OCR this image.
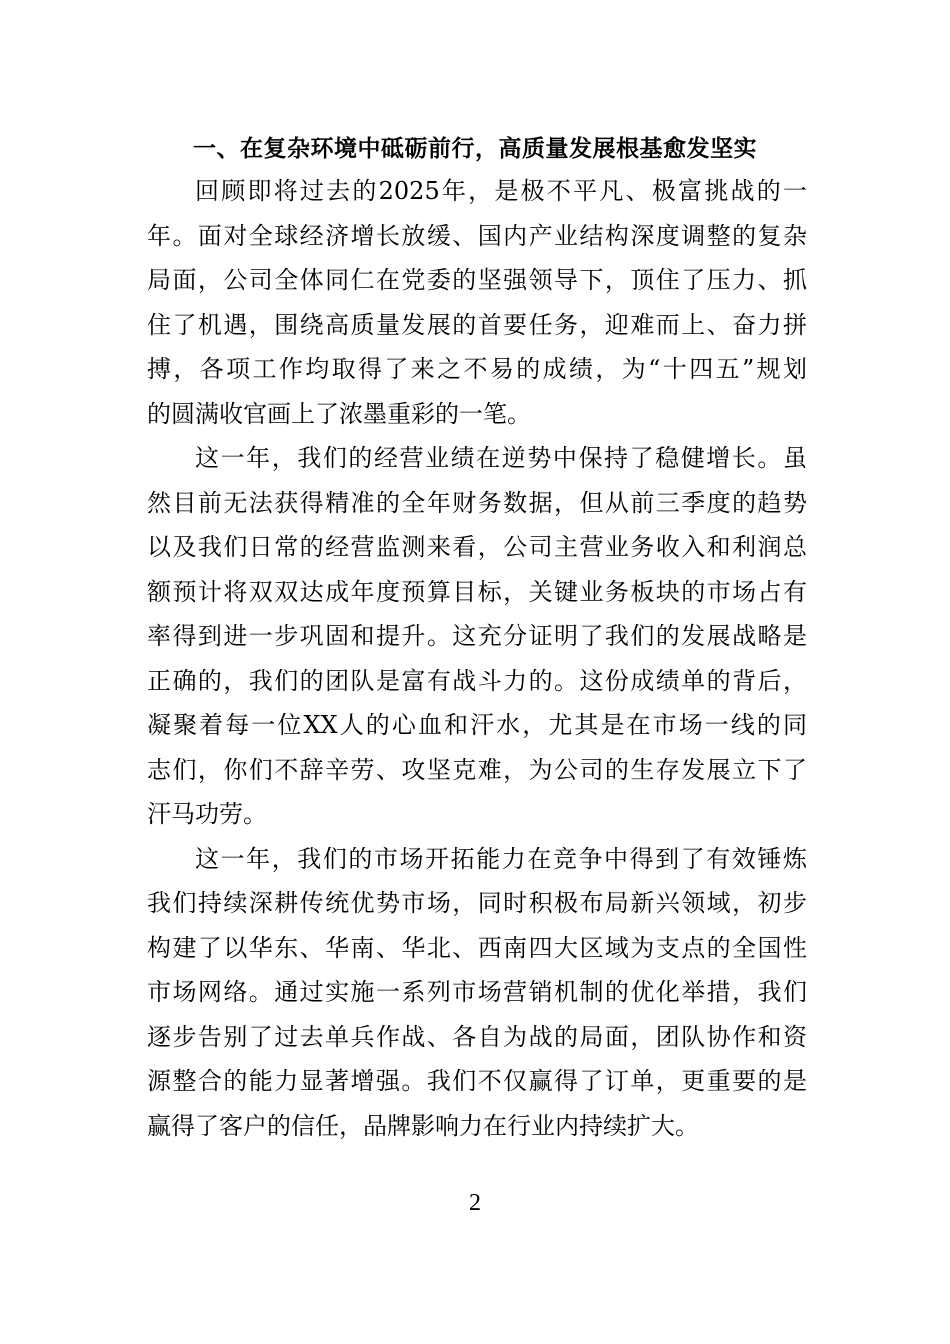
一、在复杂环境中砥砺前行，高质量发展根基愈发坚实
回顾即将过去的2025年，是极不平凡、极富挑战的一
年。面对全球经济增长放缓、国内产业结构深度调整的复杂
局面，公司全体同仁在党委的坚强领导下，顶住了压力、抓
住了机遇，围绕高质量发展的首要任务，迎难而上、奋力拼
搏，各项工作均取得了来之不易的成绩，为“十四五”规划
的圆满收官画上了浓墨重彩的一笔。
这一年，我们的经营业绩在逆势中保持了稳健增长。虽
然目前无法获得精准的全年财务数据，但从前三季度的趋势
以及我们日常的经营监测来看，公司主营业务收入和利润总
额预计将双双达成年度预算目标，关键业务板块的市场占有
率得到进一步巩固和提升。这充分证明了我们的发展战略是
正确的，我们的团队是富有战斗力的。这份成绩单的背后，
凝聚着每一位XX人的心血和汗水，尤其是在市场一线的同
志们，你们不辞辛劳、攻坚克难，为公司的生存发展立下了
汗马功劳。
这一年，我们的市场开拓能力在竞争中得到了有效锤炼
我们持续深耕传统优势市场，同时积极布局新兴领域，初步
构建了以华东、华南、华北、西南四大区域为支点的全国性
市场网络。通过实施一系列市场营销机制的优化举措，我们
逐步告别了过去单兵作战、各自为战的局面，团队协作和资
源整合的能力显著增强。我们不仅赢得了订单，更重要的是
赢得了客户的信任，品牌影响力在行业内持续扩大。
2
